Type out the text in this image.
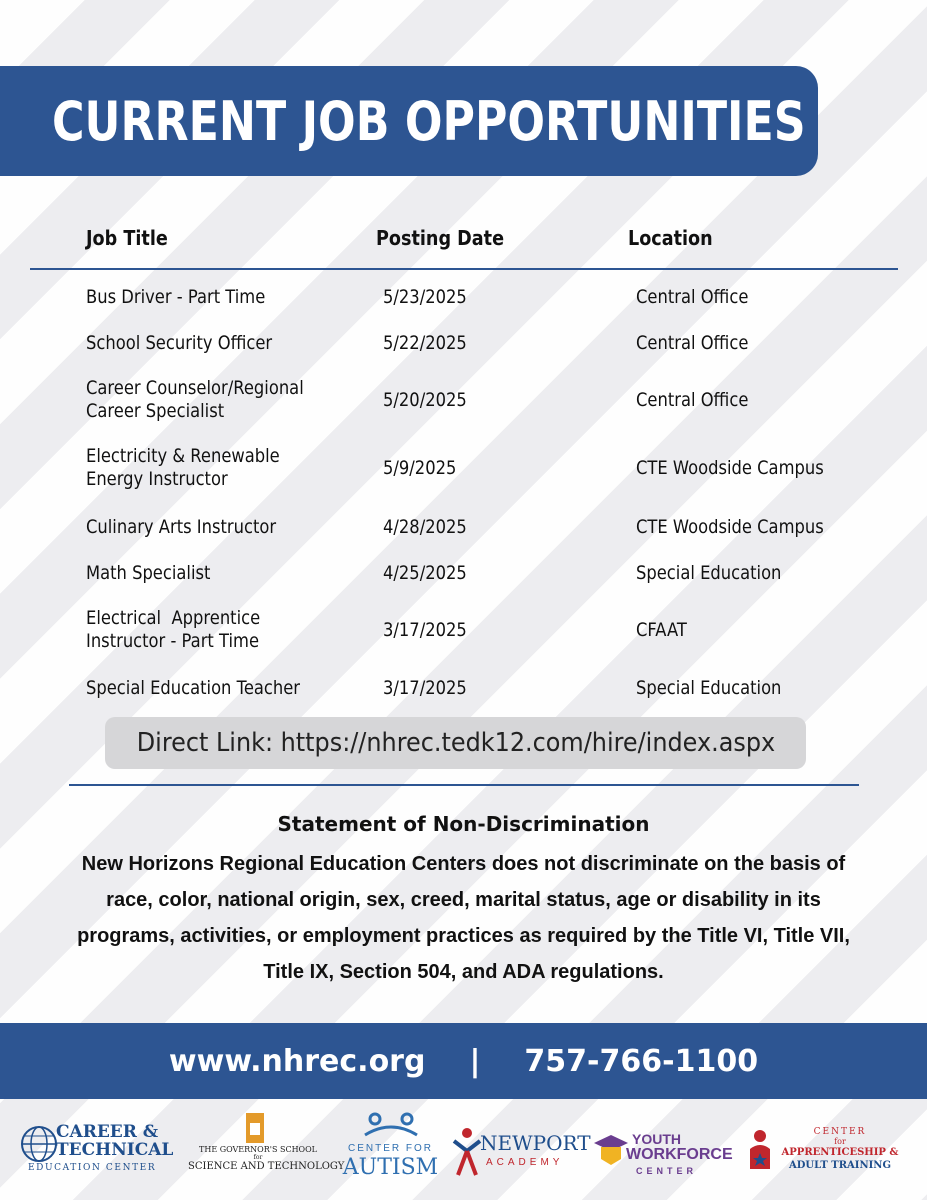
CURRENT JOB OPPORTUNITIES
Job Title	Posting Date	Location
Bus Driver - Part Time	5/23/2025	Central Office
School Security Officer	5/22/2025	Central Office
Career Counselor/Regional
Career Specialist	5/20/2025	Central Office
Electricity & Renewable
Energy Instructor	5/9/2025	CTE Woodside Campus
Culinary Arts Instructor	4/28/2025	CTE Woodside Campus
Math Specialist	4/25/2025	Special Education
Electrical  Apprentice
Instructor - Part Time	3/17/2025	CFAAT
Special Education Teacher	3/17/2025	Special Education
Direct Link: https://nhrec.tedk12.com/hire/index.aspx
Statement of Non-Discrimination
New Horizons Regional Education Centers does not discriminate on the basis of race, color, national origin, sex, creed, marital status, age or disability in its programs, activities, or employment practices as required by the Title VI, Title VII, Title IX, Section 504, and ADA regulations.
www.nhrec.org | 757-766-1100
CAREER &
TECHNICAL
EDUCATION CENTER
THE GOVERNOR'S SCHOOL
for
SCIENCE AND TECHNOLOGY
CENTER FOR
AUTISM
NEWPORT
ACADEMY
YOUTH
WORKFORCE
CENTER
CENTER
for
APPRENTICESHIP &
ADULT TRAINING
